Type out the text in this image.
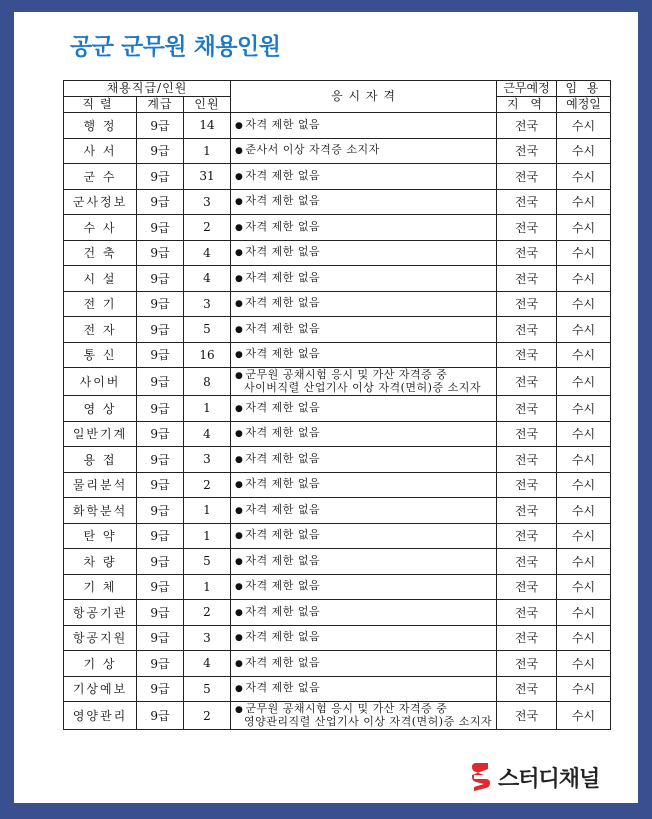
공군 군무원 채용인원
채용직급/인원			응 시 자 격	근무예정	임 용
직렬	계급	인원		지 역	예정일
행 정	9급	14	● 자격 제한 없음	전국	수시
사 서	9급	1	● 준사서 이상 자격증 소지자	전국	수시
군 수	9급	31	● 자격 제한 없음	전국	수시
군사정보	9급	3	● 자격 제한 없음	전국	수시
수 사	9급	2	● 자격 제한 없음	전국	수시
건 축	9급	4	● 자격 제한 없음	전국	수시
시 설	9급	4	● 자격 제한 없음	전국	수시
전 기	9급	3	● 자격 제한 없음	전국	수시
전 자	9급	5	● 자격 제한 없음	전국	수시
통 신	9급	16	● 자격 제한 없음	전국	수시
사이버	9급	8	● 군무원 공채시험 응시 및 가산 자격증 중
사이버직렬 산업기사 이상 자격(면허)증 소지자	전국	수시
영 상	9급	1	● 자격 제한 없음	전국	수시
일반기계	9급	4	● 자격 제한 없음	전국	수시
용 접	9급	3	● 자격 제한 없음	전국	수시
물리분석	9급	2	● 자격 제한 없음	전국	수시
화학분석	9급	1	● 자격 제한 없음	전국	수시
탄 약	9급	1	● 자격 제한 없음	전국	수시
차 량	9급	5	● 자격 제한 없음	전국	수시
기 체	9급	1	● 자격 제한 없음	전국	수시
항공기관	9급	2	● 자격 제한 없음	전국	수시
항공지원	9급	3	● 자격 제한 없음	전국	수시
기 상	9급	4	● 자격 제한 없음	전국	수시
기상예보	9급	5	● 자격 제한 없음	전국	수시
영양관리	9급	2	● 군무원 공채시험 응시 및 가산 자격증 중
영양관리직렬 산업기사 이상 자격(면허)증 소지자	전국	수시
스터디채널
